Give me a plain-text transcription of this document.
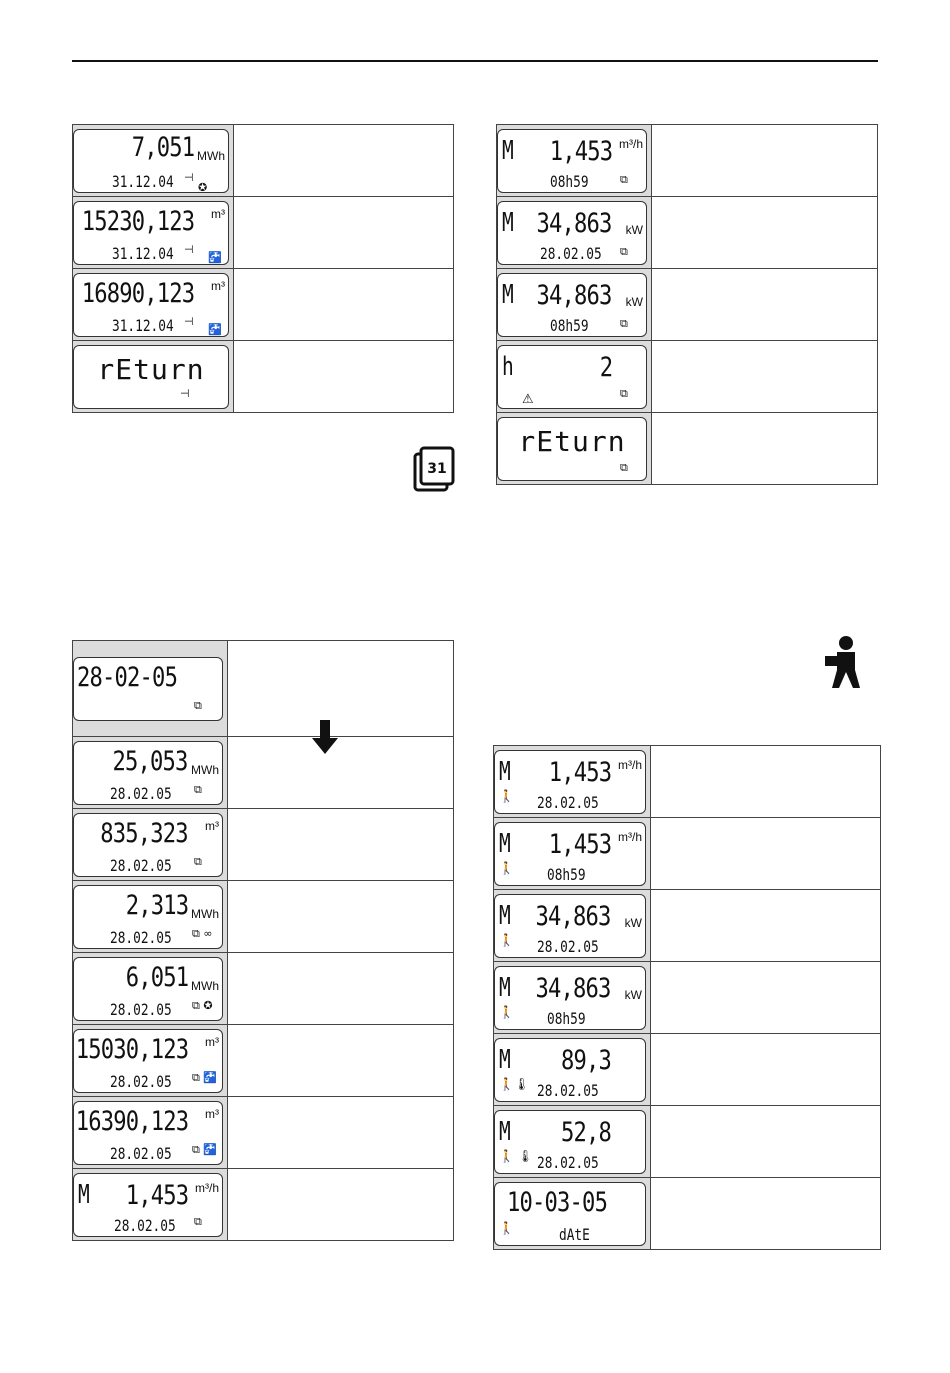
7,051 MWh
31.12.04 ⊣
✪	

15230,123 m³
31.12.04 ⊣
🚰	

16890,123 m³
31.12.04 ⊣
🚰	

rEturn
⊣	

31
M 1,453 m³/h
08h59 ⧉	

M 34,863 kW
28.02.05 ⧉	

M 34,863 kW
08h59 ⧉	

h 2
⚠ ⧉	

rEturn
⧉	

28-02-05
⧉

25,053 MWh
28.02.05 ⧉	

835,323 m³
28.02.05 ⧉	

2,313 MWh
28.02.05 ⧉ ∞	

6,051 MWh
28.02.05 ⧉ ✪	

15030,123 m³
28.02.05 ⧉ 🚰	

16390,123 m³
28.02.05 ⧉ 🚰	

M 1,453 m³/h
28.02.05 ⧉	

M 1,453 m³/h
🚶 28.02.05	

M 1,453 m³/h
🚶 08h59	

M 34,863 kW
🚶 28.02.05	

M 34,863 kW
🚶 08h59	

M 89,3
🚶🌡 28.02.05	

M 52,8
🚶 🌡 28.02.05	

10-03-05
🚶 dAtE	
